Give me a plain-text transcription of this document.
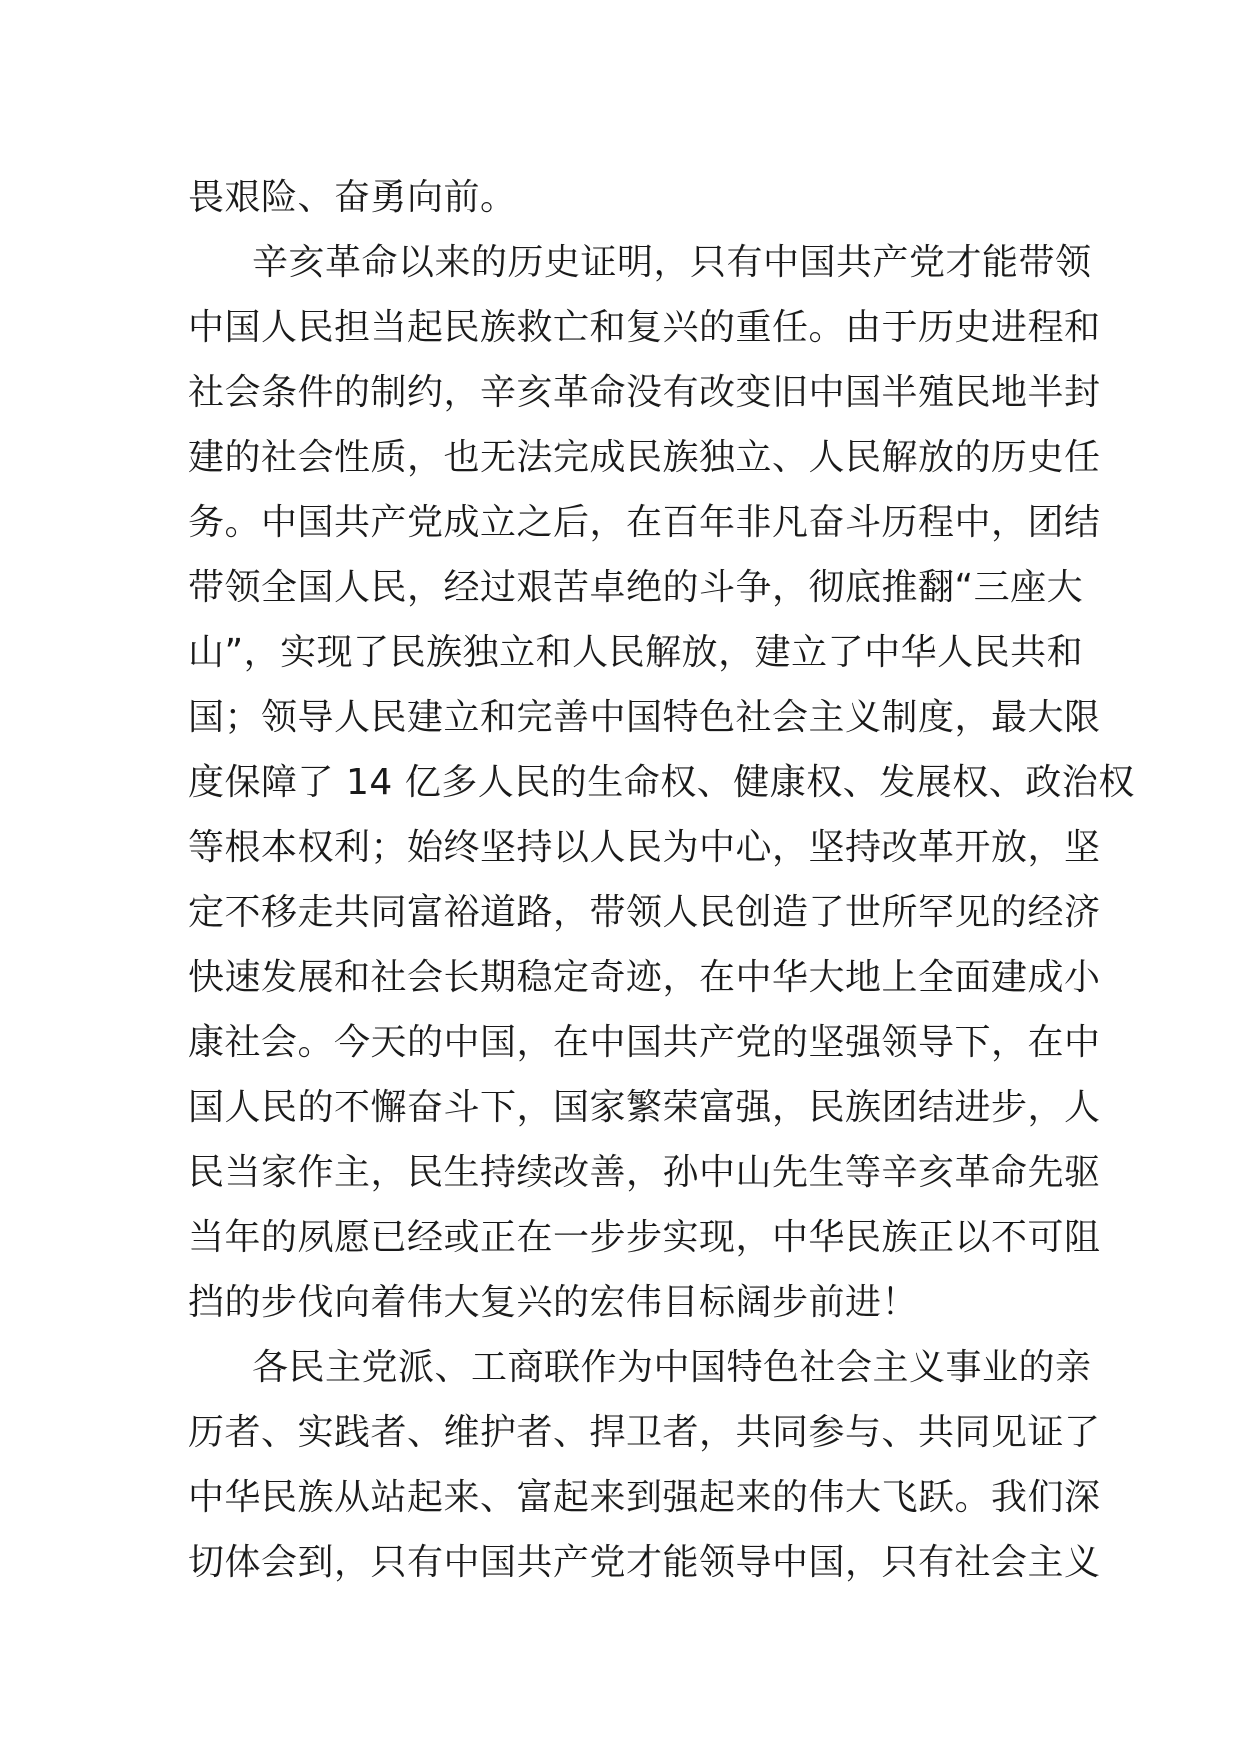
畏艰险、奋勇向前。
辛亥革命以来的历史证明，只有中国共产党才能带领
中国人民担当起民族救亡和复兴的重任。由于历史进程和
社会条件的制约，辛亥革命没有改变旧中国半殖民地半封
建的社会性质，也无法完成民族独立、人民解放的历史任
务。中国共产党成立之后，在百年非凡奋斗历程中，团结
带领全国人民，经过艰苦卓绝的斗争，彻底推翻“三座大
山”，实现了民族独立和人民解放，建立了中华人民共和
国；领导人民建立和完善中国特色社会主义制度，最大限
度保障了 14 亿多人民的生命权、健康权、发展权、政治权
等根本权利；始终坚持以人民为中心，坚持改革开放，坚
定不移走共同富裕道路，带领人民创造了世所罕见的经济
快速发展和社会长期稳定奇迹，在中华大地上全面建成小
康社会。今天的中国，在中国共产党的坚强领导下，在中
国人民的不懈奋斗下，国家繁荣富强，民族团结进步，人
民当家作主，民生持续改善，孙中山先生等辛亥革命先驱
当年的夙愿已经或正在一步步实现，中华民族正以不可阻
挡的步伐向着伟大复兴的宏伟目标阔步前进！
各民主党派、工商联作为中国特色社会主义事业的亲
历者、实践者、维护者、捍卫者，共同参与、共同见证了
中华民族从站起来、富起来到强起来的伟大飞跃。我们深
切体会到，只有中国共产党才能领导中国，只有社会主义
